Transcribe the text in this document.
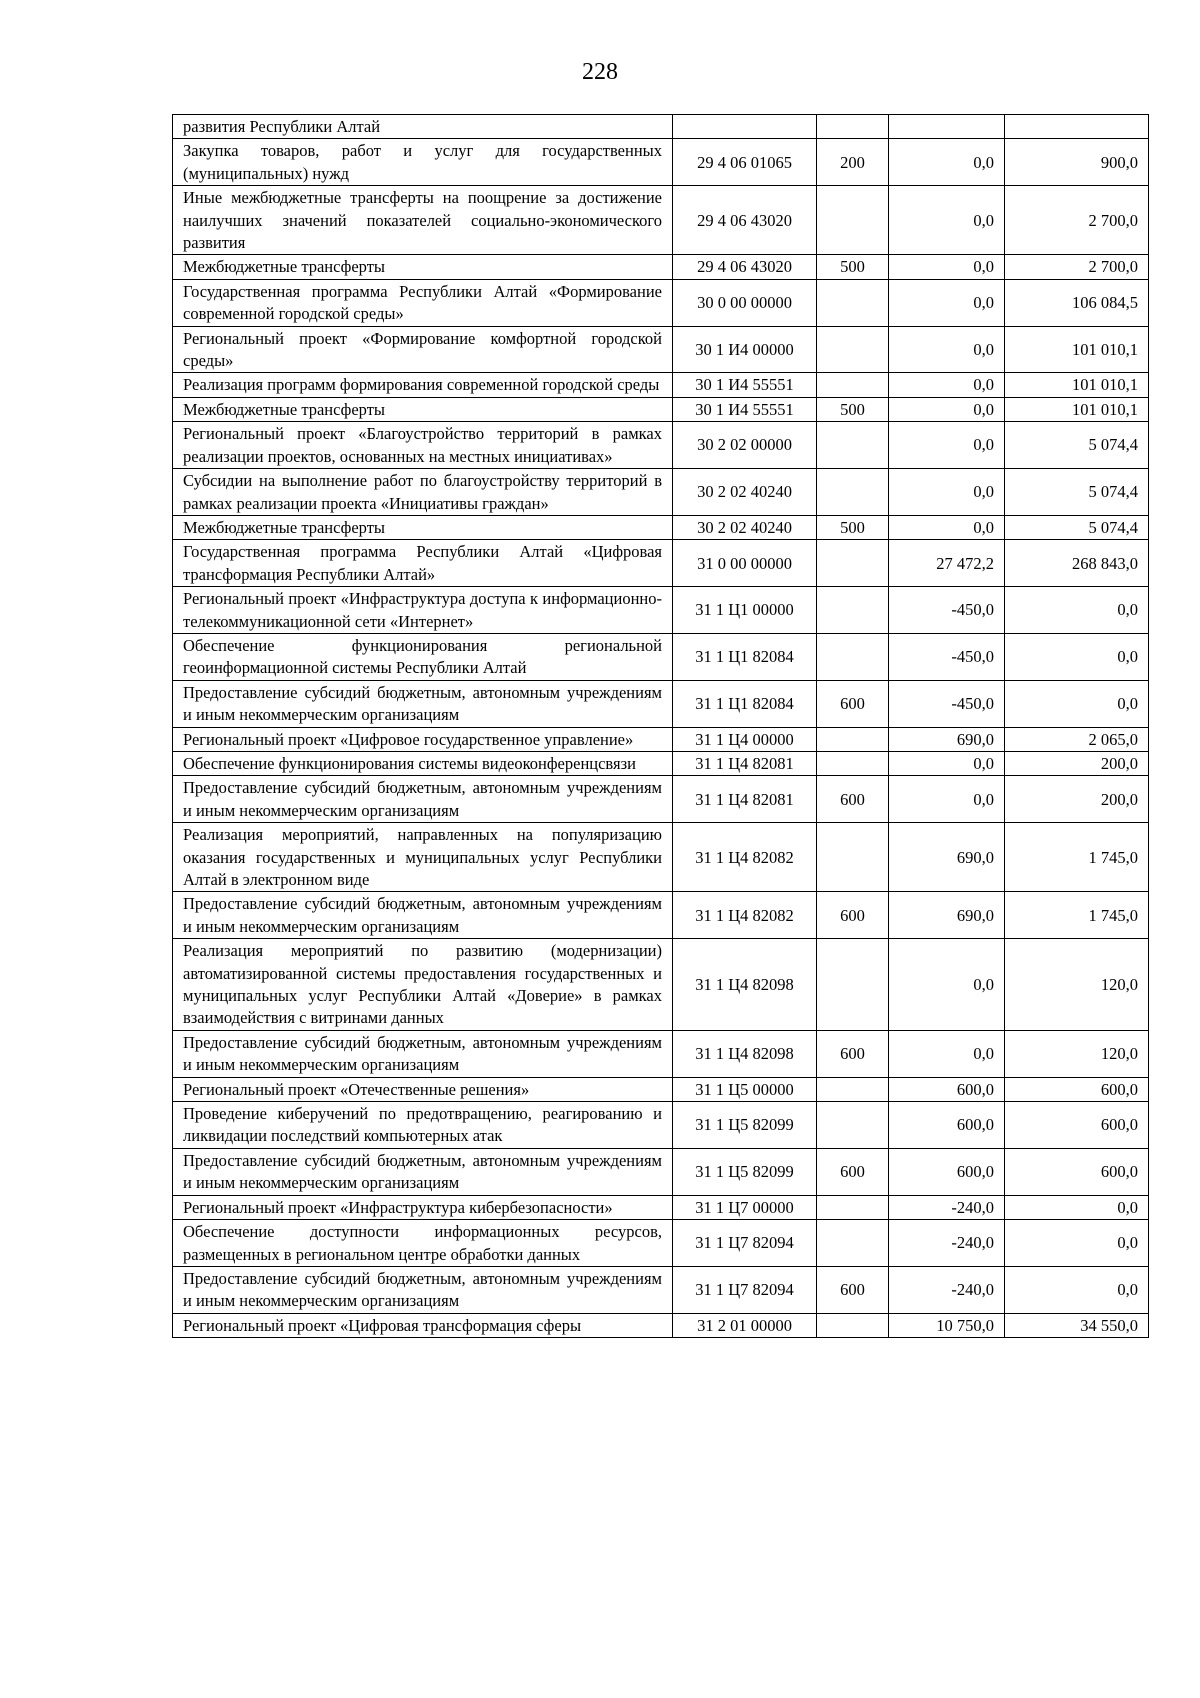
228
развития Республики Алтай				
Закупка товаров, работ и услуг для государственных (муниципальных) нужд	29 4 06 01065	200	0,0	900,0
Иные межбюджетные трансферты на поощрение за достижение наилучших значений показателей социально-экономического развития	29 4 06 43020		0,0	2 700,0
Межбюджетные трансферты	29 4 06 43020	500	0,0	2 700,0
Государственная программа Республики Алтай «Формирование современной городской среды»	30 0 00 00000		0,0	106 084,5
Региональный проект «Формирование комфортной городской среды»	30 1 И4 00000		0,0	101 010,1
Реализация программ формирования современной городской среды	30 1 И4 55551		0,0	101 010,1
Межбюджетные трансферты	30 1 И4 55551	500	0,0	101 010,1
Региональный проект «Благоустройство территорий в рамках реализации проектов, основанных на местных инициативах»	30 2 02 00000		0,0	5 074,4
Субсидии на выполнение работ по благоустройству территорий в рамках реализации проекта «Инициативы граждан»	30 2 02 40240		0,0	5 074,4
Межбюджетные трансферты	30 2 02 40240	500	0,0	5 074,4
Государственная программа Республики Алтай «Цифровая трансформация Республики Алтай»	31 0 00 00000		27 472,2	268 843,0
Региональный проект «Инфраструктура доступа к информационно-телекоммуникационной сети «Интернет»	31 1 Ц1 00000		-450,0	0,0
Обеспечение функционирования региональной геоинформационной системы Республики Алтай	31 1 Ц1 82084		-450,0	0,0
Предоставление субсидий бюджетным, автономным учреждениям и иным некоммерческим организациям	31 1 Ц1 82084	600	-450,0	0,0
Региональный проект «Цифровое государственное управление»	31 1 Ц4 00000		690,0	2 065,0
Обеспечение функционирования системы видеоконференцсвязи	31 1 Ц4 82081		0,0	200,0
Предоставление субсидий бюджетным, автономным учреждениям и иным некоммерческим организациям	31 1 Ц4 82081	600	0,0	200,0
Реализация мероприятий, направленных на популяризацию оказания государственных и муниципальных услуг Республики Алтай в электронном виде	31 1 Ц4 82082		690,0	1 745,0
Предоставление субсидий бюджетным, автономным учреждениям и иным некоммерческим организациям	31 1 Ц4 82082	600	690,0	1 745,0
Реализация мероприятий по развитию (модернизации) автоматизированной системы предоставления государственных и муниципальных услуг Республики Алтай «Доверие» в рамках взаимодействия с витринами данных	31 1 Ц4 82098		0,0	120,0
Предоставление субсидий бюджетным, автономным учреждениям и иным некоммерческим организациям	31 1 Ц4 82098	600	0,0	120,0
Региональный проект «Отечественные решения»	31 1 Ц5 00000		600,0	600,0
Проведение киберучений по предотвращению, реагированию и ликвидации последствий компьютерных атак	31 1 Ц5 82099		600,0	600,0
Предоставление субсидий бюджетным, автономным учреждениям и иным некоммерческим организациям	31 1 Ц5 82099	600	600,0	600,0
Региональный проект «Инфраструктура кибербезопасности»	31 1 Ц7 00000		-240,0	0,0
Обеспечение доступности информационных ресурсов, размещенных в региональном центре обработки данных	31 1 Ц7 82094		-240,0	0,0
Предоставление субсидий бюджетным, автономным учреждениям и иным некоммерческим организациям	31 1 Ц7 82094	600	-240,0	0,0
Региональный проект «Цифровая трансформация сферы	31 2 01 00000		10 750,0	34 550,0
